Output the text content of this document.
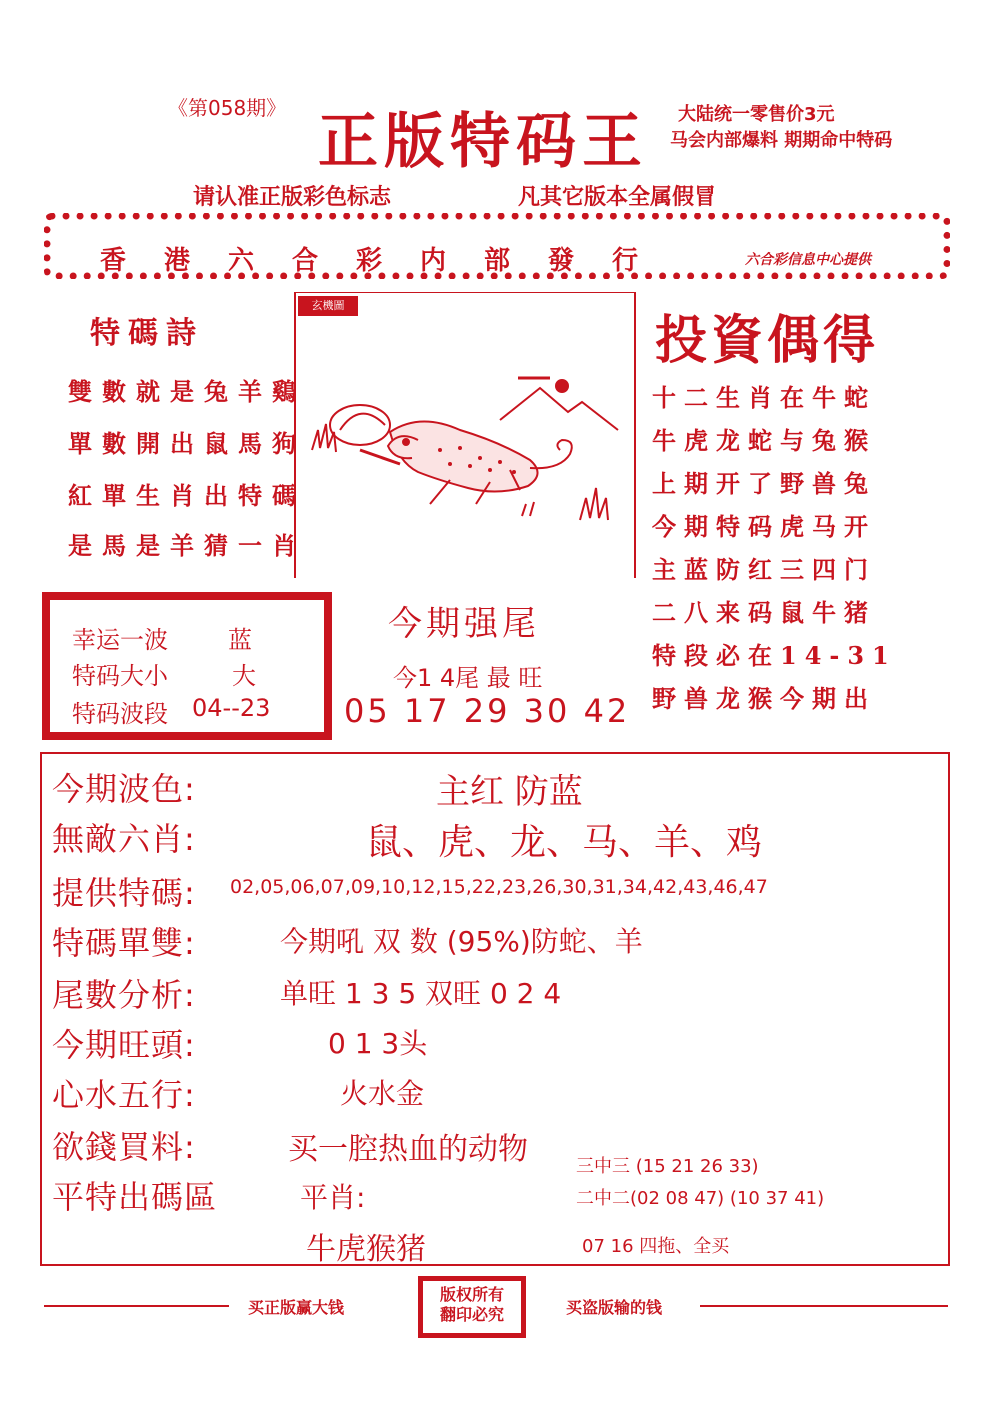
《第058期》 正版特码王 大陆统一零售价3元
马会内部爆料 期期命中特码
请认准正版彩色标志	凡其它版本全属假冒
香港六合彩内部發行	六合彩信息中心提供
特碼詩
雙數就是兔羊鷄
單數開出鼠馬狗
紅單生肖出特碼
是馬是羊猜一肖
玄機圖
投資偶得
十二生肖在牛蛇
牛虎龙蛇与兔猴
上期开了野兽兔
今期特码虎马开
主蓝防红三四门
二八来码鼠牛猪
特段必在14-31
野兽龙猴今期出
幸运一波	蓝
特码大小	大
特码波段 04--23
今期强尾
今1 4尾 最 旺
05 17 29 30 42
今期波色:	主红 防蓝
無敵六肖:	鼠、虎、龙、马、羊、鸡
提供特碼: 02,05,06,07,09,10,12,15,22,23,26,30,31,34,42,43,46,47
特碼單雙:	今期吼 双 数 (95%)防蛇、羊
尾數分析:	单旺 1 3 5 双旺 0 2 4
今期旺頭:	0 1 3头
心水五行:	火水金
欲錢買料:	买一腔热血的动物
平特出碼區	平肖:
牛虎猴猪
三中三 (15 21 26 33)
二中二(02 08 47) (10 37 41)
07 16 四拖、全买
买正版赢大钱
版权所有
翻印必究	买盗版输的钱
